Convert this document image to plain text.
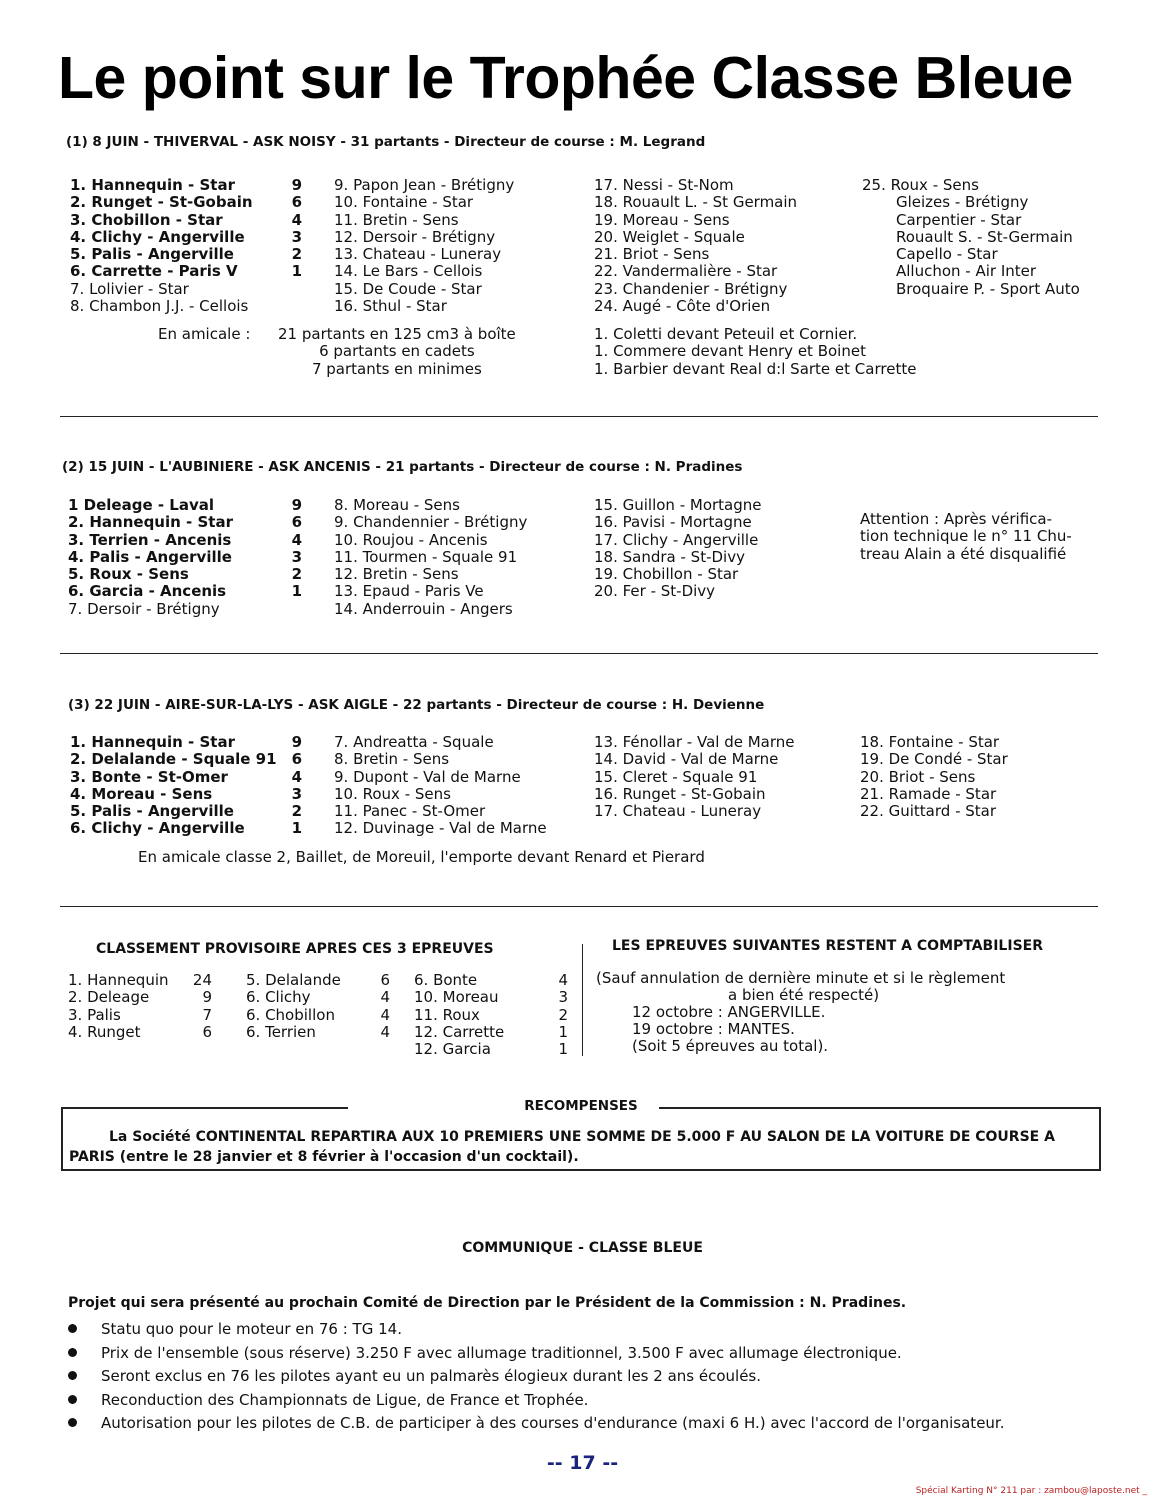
Le point sur le Trophée Classe Bleue
(1) 8 JUIN - THIVERVAL - ASK NOISY - 31 partants - Directeur de course : M. Legrand
1. Hannequin - Star
2. Runget - St-Gobain
3. Chobillon - Star
4. Clichy - Angerville
5. Palis - Angerville
6. Carrette - Paris V
7. Lolivier - Star
8. Chambon J.J. - Cellois
9
6
4
3
2
1
9. Papon Jean - Brétigny
10. Fontaine - Star
11. Bretin - Sens
12. Dersoir - Brétigny
13. Chateau - Luneray
14. Le Bars - Cellois
15. De Coude - Star
16. Sthul - Star
17. Nessi - St-Nom
18. Rouault L. - St Germain
19. Moreau - Sens
20. Weiglet - Squale
21. Briot - Sens
22. Vandermalière - Star
23. Chandenier - Brétigny
24. Augé - Côte d'Orien
25. Roux - Sens
Gleizes - Brétigny
Carpentier - Star
Rouault S. - St-Germain
Capello - Star
Alluchon - Air Inter
Broquaire P. - Sport Auto
En amicale : 21 partants en 125 cm3 à boîte
6 partants en cadets
7 partants en minimes
1. Coletti devant Peteuil et Cornier.
1. Commere devant Henry et Boinet
1. Barbier devant Real d:l Sarte et Carrette
(2) 15 JUIN - L'AUBINIERE - ASK ANCENIS - 21 partants - Directeur de course : N. Pradines
1 Deleage - Laval
2. Hannequin - Star
3. Terrien - Ancenis
4. Palis - Angerville
5. Roux - Sens
6. Garcia - Ancenis
7. Dersoir - Brétigny
9
6
4
3
2
1
8. Moreau - Sens
9. Chandennier - Brétigny
10. Roujou - Ancenis
11. Tourmen - Squale 91
12. Bretin - Sens
13. Epaud - Paris Ve
14. Anderrouin - Angers
15. Guillon - Mortagne
16. Pavisi - Mortagne
17. Clichy - Angerville
18. Sandra - St-Divy
19. Chobillon - Star
20. Fer - St-Divy
Attention : Après vérifica-
tion technique le n° 11 Chu-
treau Alain a été disqualifié
(3) 22 JUIN - AIRE-SUR-LA-LYS - ASK AIGLE - 22 partants - Directeur de course : H. Devienne
1. Hannequin - Star
2. Delalande - Squale 91
3. Bonte - St-Omer
4. Moreau - Sens
5. Palis - Angerville
6. Clichy - Angerville
9
6
4
3
2
1
7. Andreatta - Squale
8. Bretin - Sens
9. Dupont - Val de Marne
10. Roux - Sens
11. Panec - St-Omer
12. Duvinage - Val de Marne
13. Fénollar - Val de Marne
14. David - Val de Marne
15. Cleret - Squale 91
16. Runget - St-Gobain
17. Chateau - Luneray
18. Fontaine - Star
19. De Condé - Star
20. Briot - Sens
21. Ramade - Star
22. Guittard - Star
En amicale classe 2, Baillet, de Moreuil, l'emporte devant Renard et Pierard
CLASSEMENT PROVISOIRE APRES CES 3 EPREUVES
1. Hannequin
2. Deleage
3. Palis
4. Runget
24
9
7
6
5. Delalande
6. Clichy
6. Chobillon
6. Terrien
6
4
4
4
6. Bonte
10. Moreau
11. Roux
12. Carrette
12. Garcia
4
3
2
1
1
LES EPREUVES SUIVANTES RESTENT A COMPTABILISER
(Sauf annulation de dernière minute et si le règlement
a bien été respecté)
12 octobre : ANGERVILLE.
19 octobre : MANTES.
(Soit 5 épreuves au total).
RECOMPENSES
La Société CONTINENTAL REPARTIRA AUX 10 PREMIERS UNE SOMME DE 5.000 F AU SALON DE LA VOITURE DE COURSE A PARIS (entre le 28 janvier et 8 février à l'occasion d'un cocktail).
COMMUNIQUE - CLASSE BLEUE
Projet qui sera présenté au prochain Comité de Direction par le Président de la Commission : N. Pradines.
Statu quo pour le moteur en 76 : TG 14.
Prix de l'ensemble (sous réserve) 3.250 F avec allumage traditionnel, 3.500 F avec allumage électronique.
Seront exclus en 76 les pilotes ayant eu un palmarès élogieux durant les 2 ans écoulés.
Reconduction des Championnats de Ligue, de France et Trophée.
Autorisation pour les pilotes de C.B. de participer à des courses d'endurance (maxi 6 H.) avec l'accord de l'organisateur.
-- 17 --
Spécial Karting N° 211 par : zambou@laposte.net _
